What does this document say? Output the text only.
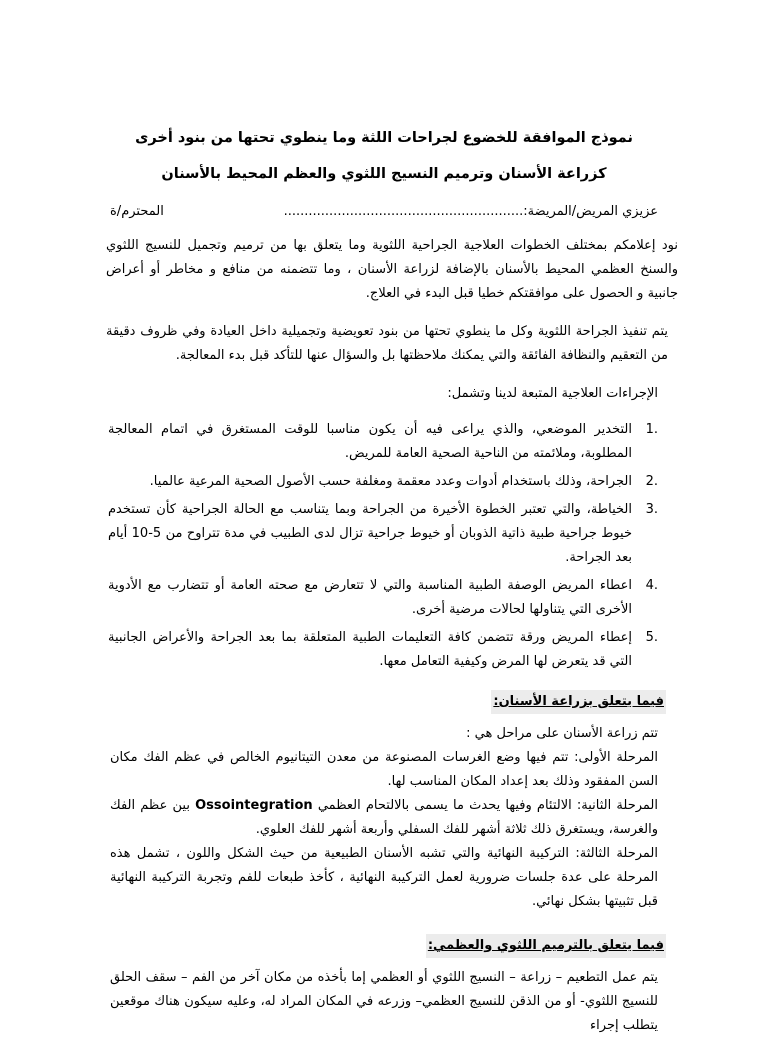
نموذج الموافقة للخضوع لجراحات اللثة وما ينطوي تحتها من بنود أخرى
كزراعة الأسنان وترميم النسيج اللثوي والعظم المحيط بالأسنان
عزيزي المريض/المريضة:..........................................................
المحترم/ة

نود إعلامكم بمختلف الخطوات العلاجية الجراحية اللثوية وما يتعلق بها من ترميم وتجميل للنسيج اللثوي والسنخ العظمي المحيط بالأسنان بالإضافة لزراعة الأسنان ، وما تتضمنه من منافع و مخاطر أو أعراض جانبية و الحصول على موافقتكم خطيا قبل البدء في العلاج.

يتم تنفيذ الجراحة اللثوية وكل ما ينطوي تحتها من بنود تعويضية وتجميلية داخل العيادة وفي ظروف دقيقة من التعقيم والنظافة الفائقة والتي يمكنك ملاحظتها بل والسؤال عنها للتأكد قبل بدء المعالجة.

الإجراءات العلاجية المتبعة لدينا وتشمل:

1.
التخدير الموضعي، والذي يراعى فيه أن يكون مناسبا للوقت المستغرق في اتمام المعالجة المطلوبة، وملائمته من الناحية الصحية العامة للمريض.
2.
الجراحة، وذلك باستخدام أدوات وعدد معقمة ومغلفة حسب الأصول الصحية المرعية عالميا.
3.
الخياطة، والتي تعتبر الخطوة الأخيرة من الجراحة وبما يتناسب مع الحالة الجراحية كأن تستخدم خيوط جراحية طبية ذاتية الذوبان أو خيوط جراحية تزال لدى الطبيب في مدة تتراوح من 5-10 أيام بعد الجراحة.
4.
اعطاء المريض الوصفة الطبية المناسبة والتي لا تتعارض مع صحته العامة أو تتضارب مع الأدوية الأخرى التي يتناولها لحالات مرضية أخرى.
5.
إعطاء المريض ورقة تتضمن كافة التعليمات الطبية المتعلقة بما بعد الجراحة والأعراض الجانبية التي قد يتعرض لها المرض وكيفية التعامل معها.
فيما يتعلق بزراعة الأسنان:

تتم زراعة الأسنان على مراحل هي :

المرحلة الأولى: تتم فيها وضع الغرسات المصنوعة من معدن التيتانيوم الخالص في عظم الفك مكان السن المفقود وذلك بعد إعداد المكان المناسب لها.

المرحلة الثانية: الالتئام وفيها يحدث ما يسمى بالالتحام العظمي Ossointegration بين عظم الفك والغرسة، ويستغرق ذلك ثلاثة أشهر للفك السفلي وأربعة أشهر للفك العلوي.

المرحلة الثالثة: التركيبة النهائية والتي تشبه الأسنان الطبيعية من حيث الشكل واللون ، تشمل هذه المرحلة على عدة جلسات ضرورية لعمل التركيبة النهائية ، كأخذ طبعات للفم وتجربة التركيبة النهائية قبل تثبيتها بشكل نهائي.

فيما يتعلق بالترميم اللثوي والعظمي:

يتم عمل التطعيم – زراعة – النسيج اللثوي أو العظمي إما بأخذه من مكان آخر من الفم – سقف الحلق للنسيج اللثوي- أو من الذقن للنسيج العظمي– وزرعه في المكان المراد له، وعليه سيكون هناك موقعين يتطلب إجراء
